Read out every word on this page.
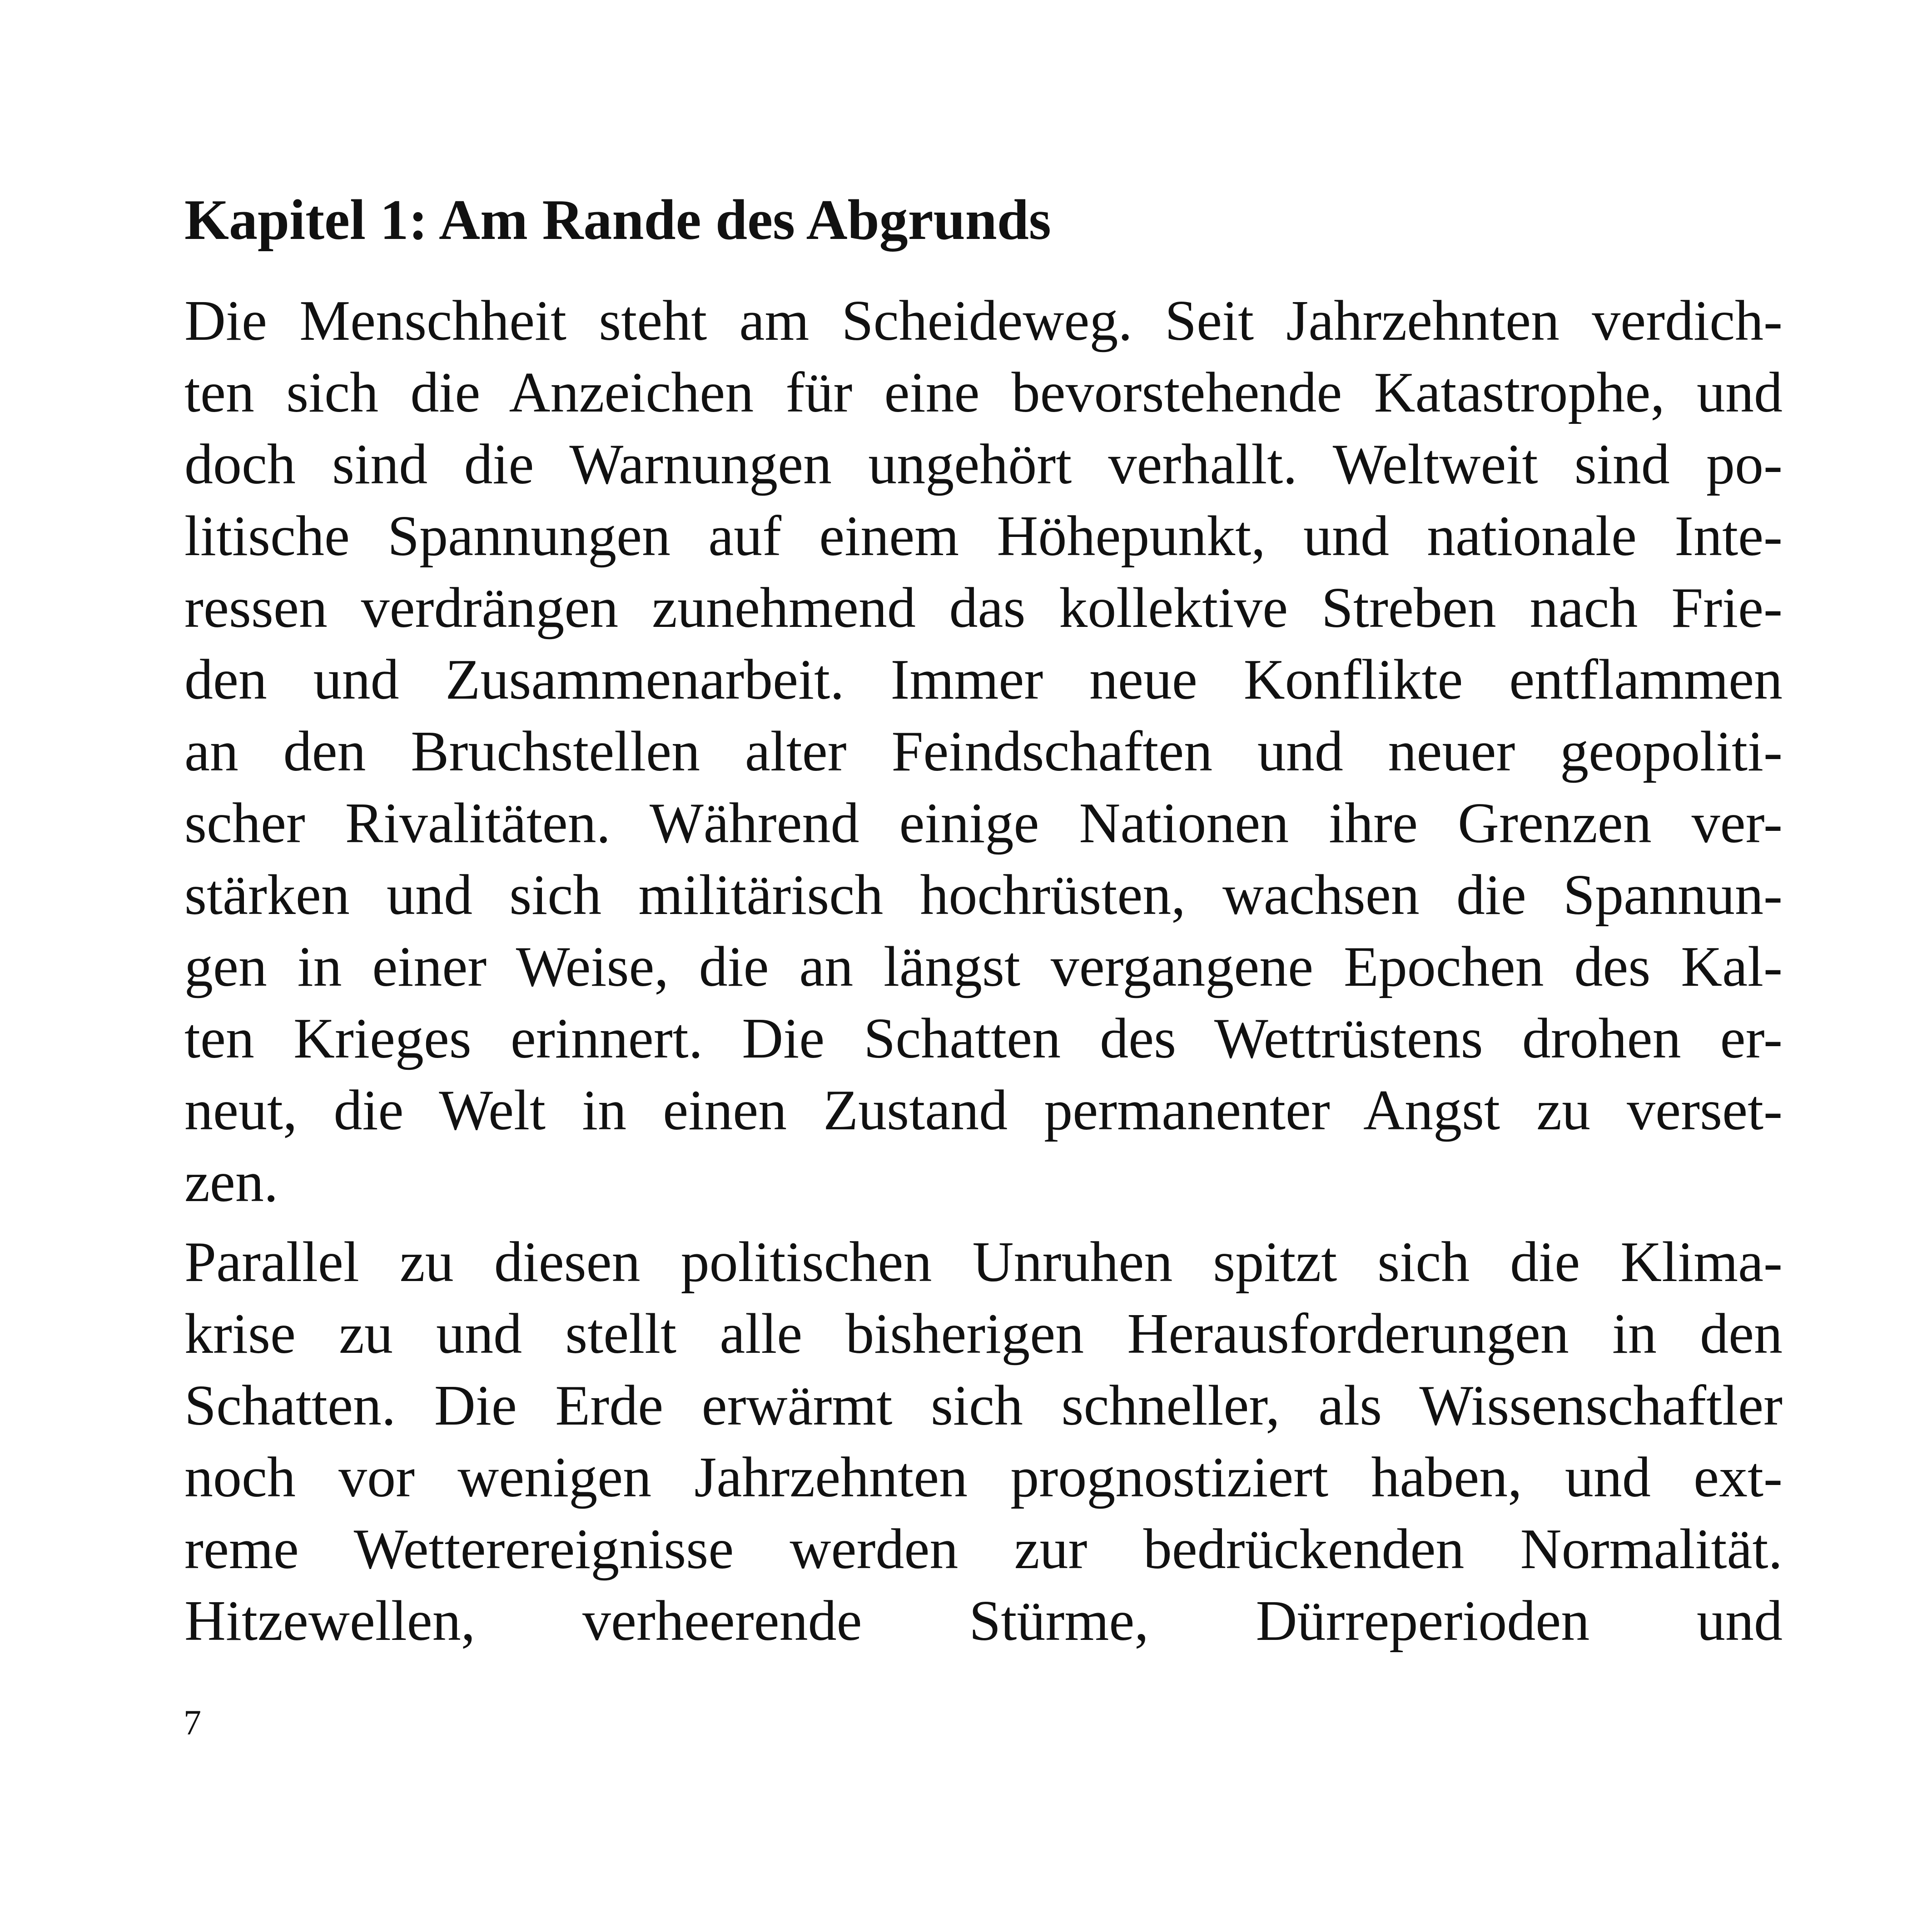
Kapitel 1: Am Rande des Abgrunds
Die Menschheit steht am Scheideweg. Seit Jahrzehnten verdich-
ten sich die Anzeichen für eine bevorstehende Katastrophe, und
doch sind die Warnungen ungehört verhallt. Weltweit sind po-
litische Spannungen auf einem Höhepunkt, und nationale Inte-
ressen verdrängen zunehmend das kollektive Streben nach Frie-
den und Zusammenarbeit. Immer neue Konflikte entflammen
an den Bruchstellen alter Feindschaften und neuer geopoliti-
scher Rivalitäten. Während einige Nationen ihre Grenzen ver-
stärken und sich militärisch hochrüsten, wachsen die Spannun-
gen in einer Weise, die an längst vergangene Epochen des Kal-
ten Krieges erinnert. Die Schatten des Wettrüstens drohen er-
neut, die Welt in einen Zustand permanenter Angst zu verset-
zen.
Parallel zu diesen politischen Unruhen spitzt sich die Klima-
krise zu und stellt alle bisherigen Herausforderungen in den
Schatten. Die Erde erwärmt sich schneller, als Wissenschaftler
noch vor wenigen Jahrzehnten prognostiziert haben, und ext-
reme Wetterereignisse werden zur bedrückenden Normalität.
Hitzewellen, verheerende Stürme, Dürreperioden und

7
